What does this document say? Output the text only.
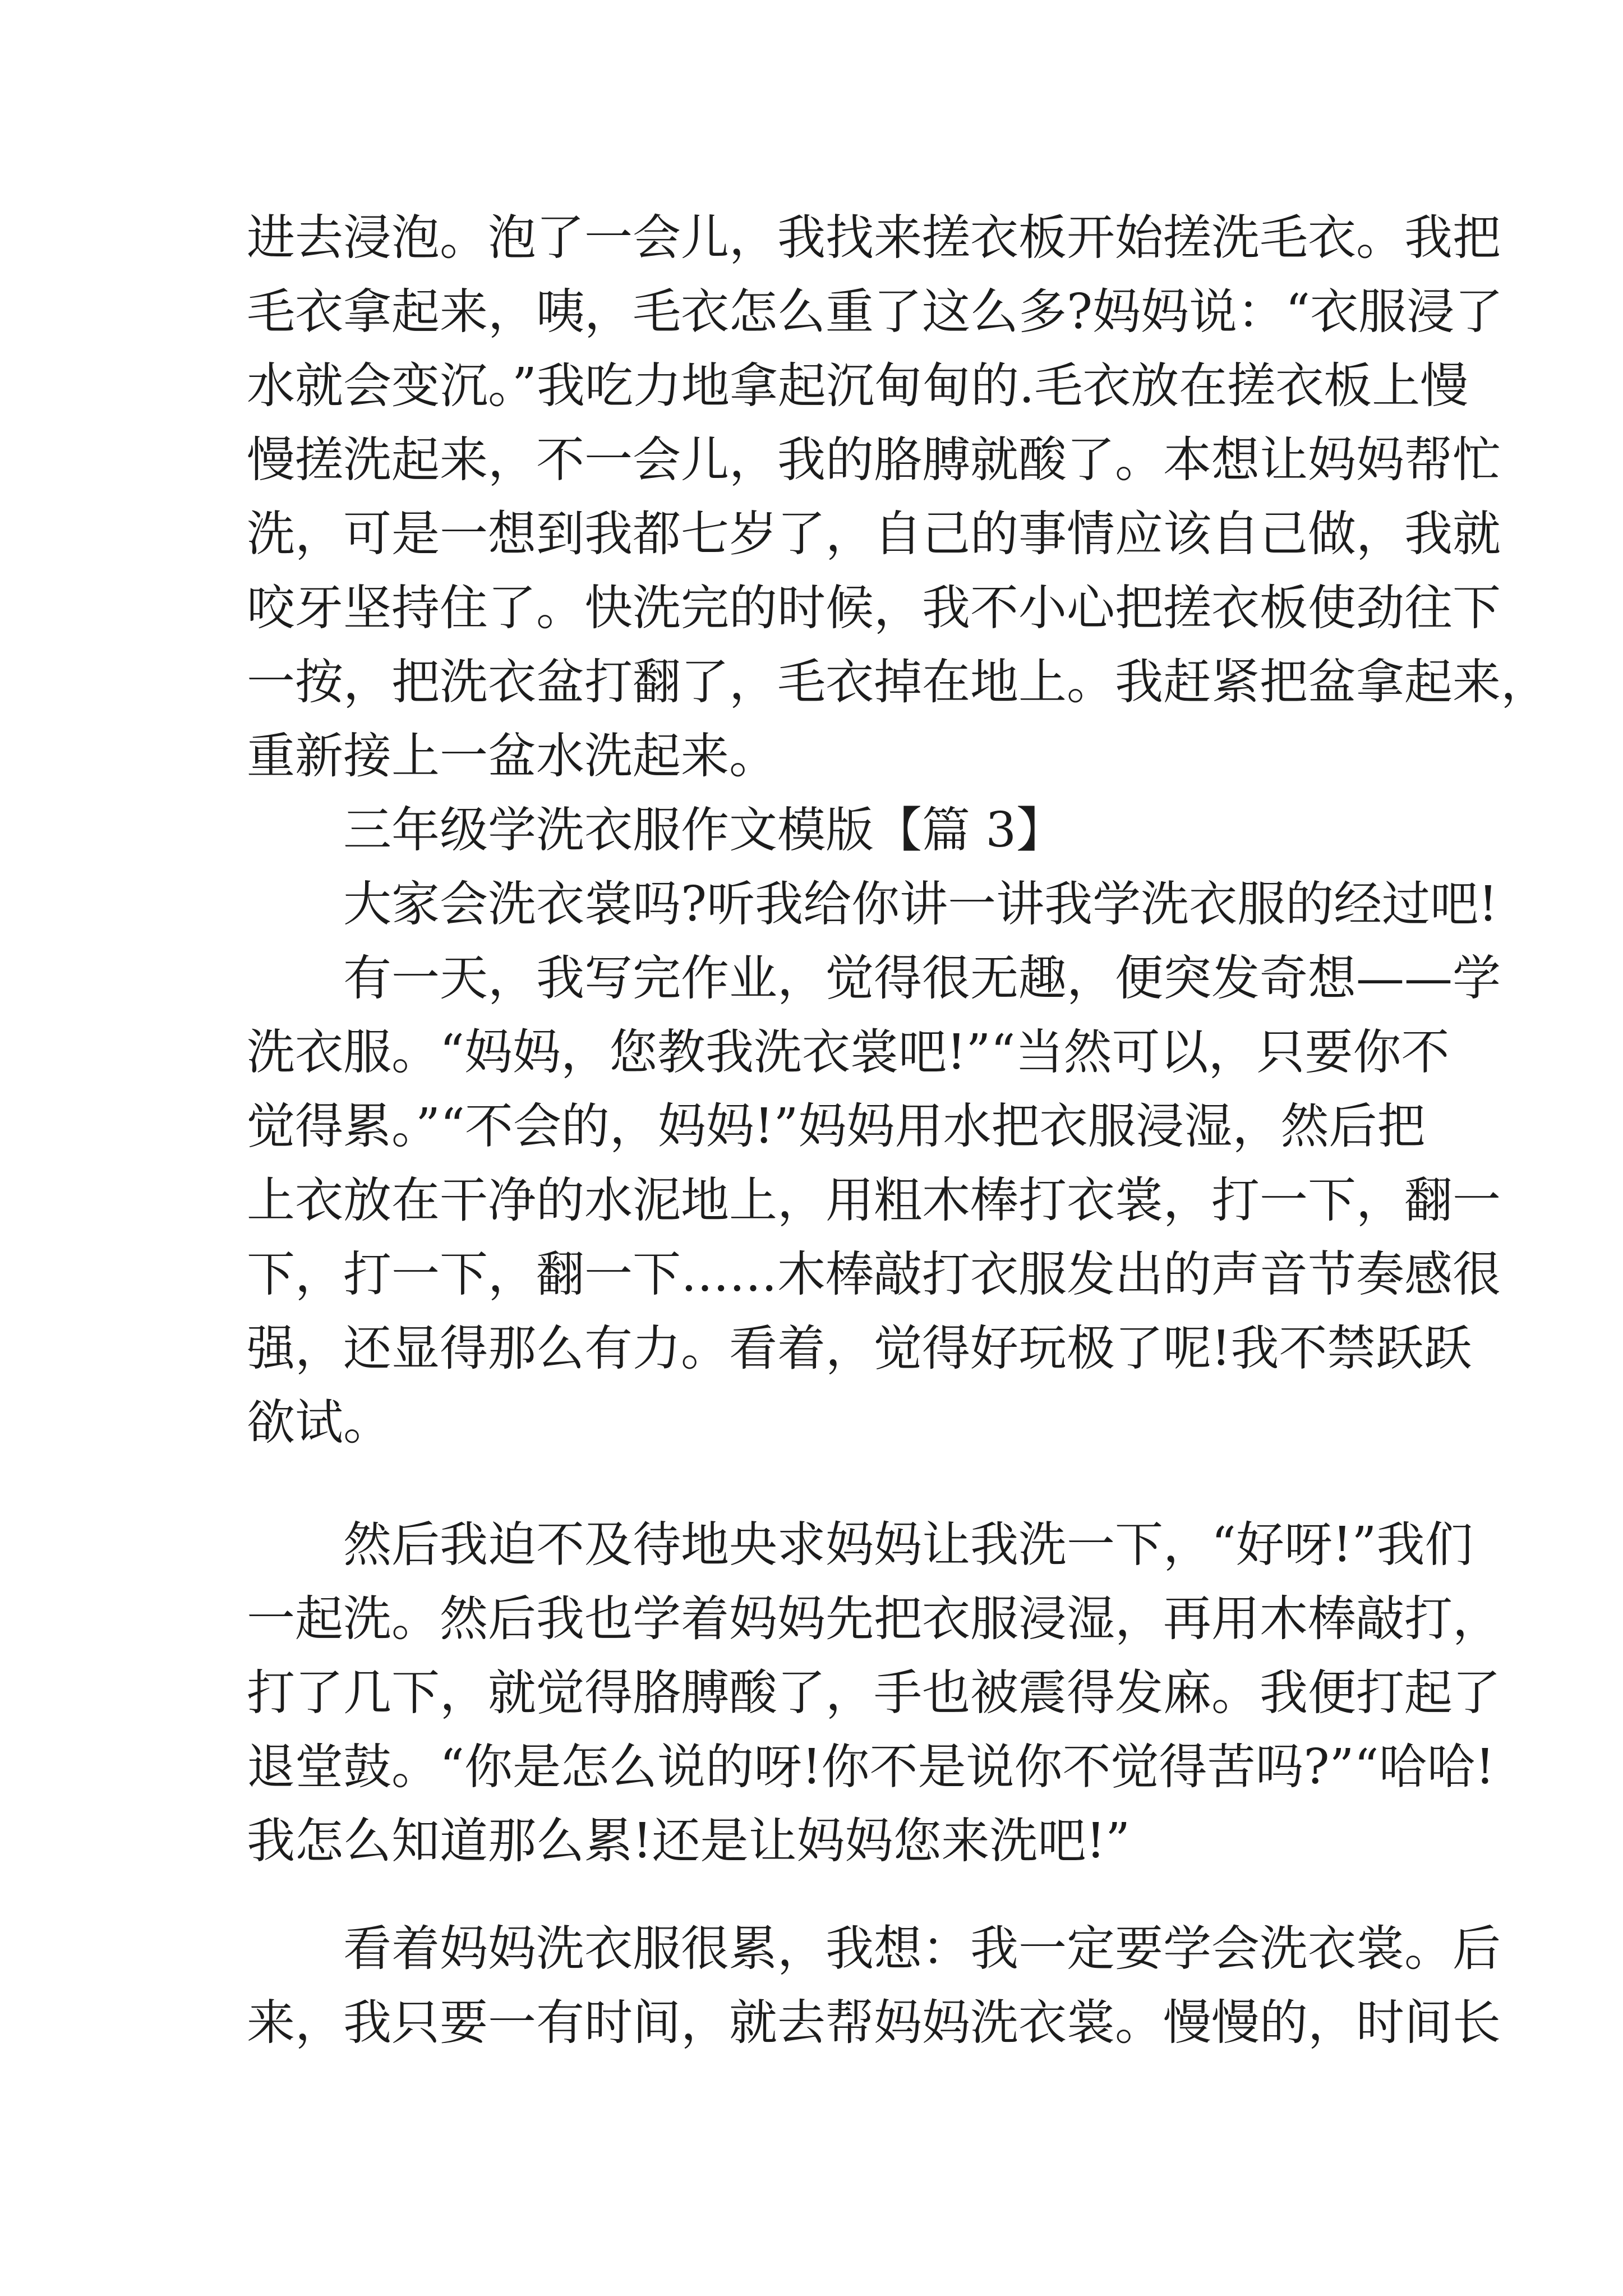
进去浸泡。泡了一会儿，我找来搓衣板开始搓洗毛衣。我把
毛衣拿起来，咦，毛衣怎么重了这么多?妈妈说：“衣服浸了
水就会变沉。”我吃力地拿起沉甸甸的.毛衣放在搓衣板上慢
慢搓洗起来，不一会儿，我的胳膊就酸了。本想让妈妈帮忙
洗，可是一想到我都七岁了，自己的事情应该自己做，我就
咬牙坚持住了。快洗完的时候，我不小心把搓衣板使劲往下
一按，把洗衣盆打翻了，毛衣掉在地上。我赶紧把盆拿起来，
重新接上一盆水洗起来。
三年级学洗衣服作文模版【篇 3】
大家会洗衣裳吗?听我给你讲一讲我学洗衣服的经过吧!
有一天，我写完作业，觉得很无趣，便突发奇想——学
洗衣服。“妈妈，您教我洗衣裳吧!”“当然可以，只要你不
觉得累。”“不会的，妈妈!”妈妈用水把衣服浸湿，然后把
上衣放在干净的水泥地上，用粗木棒打衣裳，打一下，翻一
下，打一下，翻一下……木棒敲打衣服发出的声音节奏感很
强，还显得那么有力。看着，觉得好玩极了呢!我不禁跃跃
欲试。
然后我迫不及待地央求妈妈让我洗一下，“好呀!”我们
一起洗。然后我也学着妈妈先把衣服浸湿，再用木棒敲打，
打了几下，就觉得胳膊酸了，手也被震得发麻。我便打起了
退堂鼓。“你是怎么说的呀!你不是说你不觉得苦吗?”“哈哈!
我怎么知道那么累!还是让妈妈您来洗吧!”
看着妈妈洗衣服很累，我想：我一定要学会洗衣裳。后
来，我只要一有时间，就去帮妈妈洗衣裳。慢慢的，时间长
